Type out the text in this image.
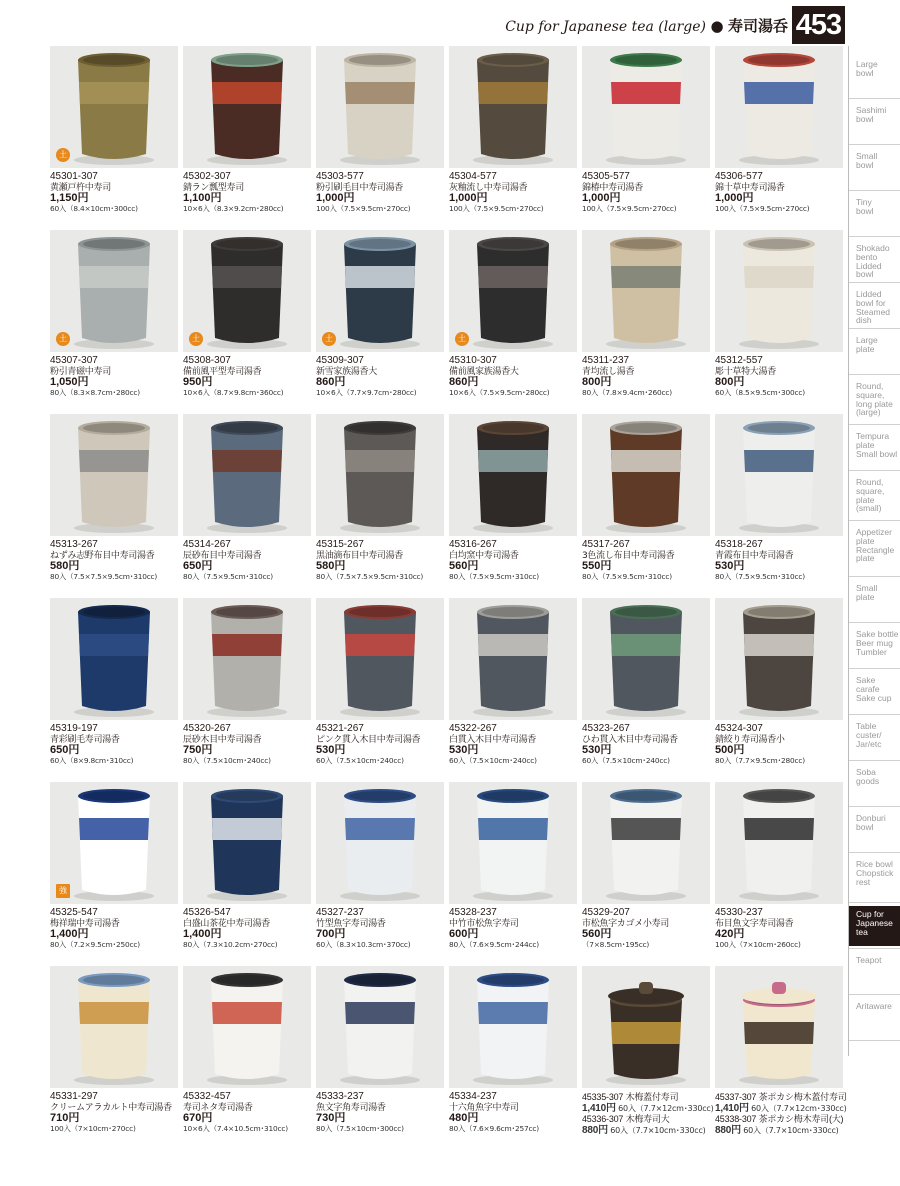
Cup for Japanese tea (large) ● 寿司湯呑 453
土
45301-307
黄瀬戸杵中寿司
1,150円
60入（8.4×10cm･300cc)
45302-307
錆ラン瓢型寿司
1,100円
10×6入（8.3×9.2cm･280cc)
45303-577
粉引刷毛目中寿司湯香
1,000円
100入（7.5×9.5cm･270cc)
45304-577
灰釉流し中寿司湯香
1,000円
100入（7.5×9.5cm･270cc)
45305-577
錦椿中寿司湯香
1,000円
100入（7.5×9.5cm･270cc)
45306-577
錦十草中寿司湯香
1,000円
100入（7.5×9.5cm･270cc)
土
45307-307
粉引青磁中寿司
1,050円
80入（8.3×8.7cm･280cc)
土
45308-307
備前風平型寿司湯香
950円
10×6入（8.7×9.8cm･360cc)
土
45309-307
新雪家族湯香大
860円
10×6入（7.7×9.7cm･280cc)
土
45310-307
備前風家族湯香大
860円
10×6入（7.5×9.5cm･280cc)
45311-237
青均流し湯香
800円
80入（7.8×9.4cm･260cc)
45312-557
彫十草特大湯香
800円
60入（8.5×9.5cm･300cc)
45313-267
ねずみ志野布目中寿司湯香
580円
80入（7.5×7.5×9.5cm･310cc)
45314-267
辰砂布目中寿司湯香
650円
80入（7.5×9.5cm･310cc)
45315-267
黒油滴布目中寿司湯香
580円
80入（7.5×7.5×9.5cm･310cc)
45316-267
白均窯中寿司湯香
560円
80入（7.5×9.5cm･310cc)
45317-267
3色流し布目中寿司湯香
550円
80入（7.5×9.5cm･310cc)
45318-267
青霞布目中寿司湯香
530円
80入（7.5×9.5cm･310cc)
45319-197
青彩刷毛寿司湯香
650円
60入（8×9.8cm･310cc)
45320-267
辰砂木目中寿司湯香
750円
80入（7.5×10cm･240cc)
45321-267
ピンク貫入木目中寿司湯香
530円
60入（7.5×10cm･240cc)
45322-267
白貫入木目中寿司湯香
530円
60入（7.5×10cm･240cc)
45323-267
ひわ貫入木目中寿司湯香
530円
60入（7.5×10cm･240cc)
45324-307
錆絞り寿司湯香小
500円
80入（7.7×9.5cm･280cc)
強
45325-547
梅祥瑞中寿司湯香
1,400円
80入（7.2×9.5cm･250cc)
45326-547
白盛山茶花中寿司湯香
1,400円
80入（7.3×10.2cm･270cc)
45327-237
竹型魚字寿司湯香
700円
60入（8.3×10.3cm･370cc)
45328-237
中竹市松魚字寿司
600円
80入（7.6×9.5cm･244cc)
45329-207
市松魚字カゴメ小寿司
560円
（7×8.5cm･195cc)
45330-237
布目魚文字寿司湯香
420円
100入（7×10cm･260cc)
45331-297
クリームアラカルト中寿司湯香
710円
100入（7×10cm･270cc)
45332-457
寿司ネタ寿司湯香
670円
10×6入（7.4×10.5cm･310cc)
45333-237
魚文字角寿司湯香
730円
80入（7.5×10cm･300cc)
45334-237
十六角魚字中寿司
480円
80入（7.6×9.6cm･257cc)
45335-307 木梅蓋付寿司
1,410円 60入（7.7×12cm･330cc)
45336-307 木梅寿司大
880円 60入（7.7×10cm･330cc)
45337-307 茶ポカシ梅木蓋付寿司
1,410円 60入（7.7×12cm･330cc)
45338-307 茶ポカシ梅木寿司(大)
880円 60入（7.7×10cm･330cc)
Large
bowl
Sashimi
bowl
Small
bowl
Tiny
bowl
Shokado
bento
Lidded
bowl
Lidded
bowl for
Steamed
dish
Large
plate
Round,
square,
long plate
(large)
Tempura
plate
Small bowl
Round,
square,
plate
(small)
Appetizer
plate
Rectangle
plate
Small
plate
Sake bottle
Beer mug
Tumbler
Sake
carafe
Sake cup
Table
custer/
Jar/etc
Soba
goods
Donburi
bowl
Rice bowl
Chopstick
rest
Cup for
Japanese
tea
Teapot
Aritaware
